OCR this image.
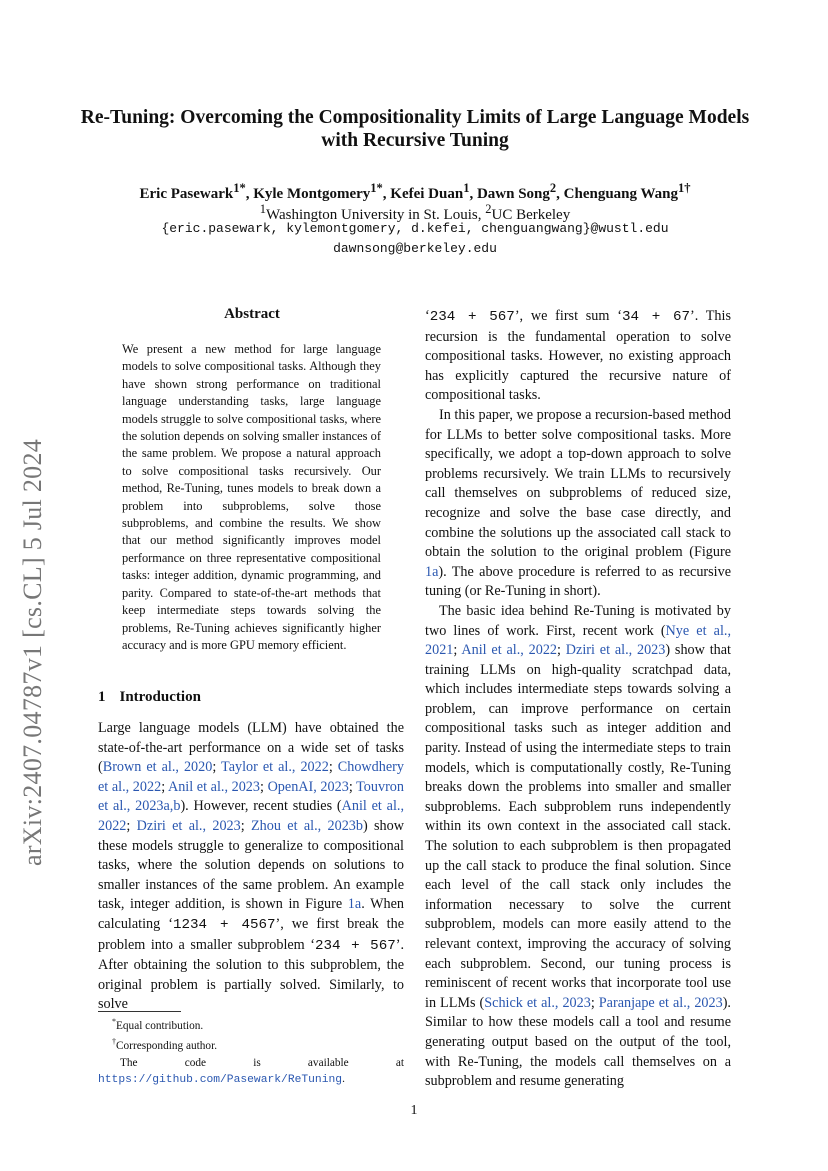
arXiv:2407.04787v1 [cs.CL] 5 Jul 2024
Re-Tuning: Overcoming the Compositionality Limits of Large Language Models with Recursive Tuning
Eric Pasewark$^{1*}$, Kyle Montgomery$^{1*}$, Kefei Duan$^1$, Dawn Song$^2$, Chenguang Wang$^{1\dagger}$
$^1$Washington University in St. Louis, $^2$UC Berkeley
{eric.pasewark, kylemontgomery, d.kefei, chenguangwang}@wustl.edu
dawnsong@berkeley.edu
Abstract
We present a new method for large language models to solve compositional tasks. Although they have shown strong performance on traditional language understanding tasks, large language models struggle to solve compositional tasks, where the solution depends on solving smaller instances of the same problem. We propose a natural approach to solve compositional tasks recursively. Our method, Re-Tuning, tunes models to break down a problem into subproblems, solve those subproblems, and combine the results. We show that our method significantly improves model performance on three representative compositional tasks: integer addition, dynamic programming, and parity. Compared to state-of-the-art methods that keep intermediate steps towards solving the problems, Re-Tuning achieves significantly higher accuracy and is more GPU memory efficient.
1 Introduction

Large language models (LLM) have obtained the state-of-the-art performance on a wide set of tasks (Brown et al., 2020; Taylor et al., 2022; Chowdhery et al., 2022; Anil et al., 2023; OpenAI, 2023; Touvron et al., 2023a,b). However, recent studies (Anil et al., 2022; Dziri et al., 2023; Zhou et al., 2023b) show these models struggle to generalize to compositional tasks, where the solution depends on solutions to smaller instances of the same problem. An example task, integer addition, is shown in Figure 1a. When calculating ‘1234 + 4567’, we first break the problem into a smaller subproblem ‘234 + 567’. After obtaining the solution to this subproblem, the original problem is partially solved. Similarly, to solve

*Equal contribution.

†Corresponding author.

The code is available at https://github.com/Pasewark/ReTuning.

‘234 + 567’, we first sum ‘34 + 67’. This recursion is the fundamental operation to solve compositional tasks. However, no existing approach has explicitly captured the recursive nature of compositional tasks.

In this paper, we propose a recursion-based method for LLMs to better solve compositional tasks. More specifically, we adopt a top-down approach to solve problems recursively. We train LLMs to recursively call themselves on subproblems of reduced size, recognize and solve the base case directly, and combine the solutions up the associated call stack to obtain the solution to the original problem (Figure 1a). The above procedure is referred to as recursive tuning (or Re-Tuning in short).

The basic idea behind Re-Tuning is motivated by two lines of work. First, recent work (Nye et al., 2021; Anil et al., 2022; Dziri et al., 2023) show that training LLMs on high-quality scratchpad data, which includes intermediate steps towards solving a problem, can improve performance on certain compositional tasks such as integer addition and parity. Instead of using the intermediate steps to train models, which is computationally costly, Re-Tuning breaks down the problems into smaller and smaller subproblems. Each subproblem runs independently within its own context in the associated call stack. The solution to each subproblem is then propagated up the call stack to produce the final solution. Since each level of the call stack only includes the information necessary to solve the current subproblem, models can more easily attend to the relevant context, improving the accuracy of solving each subproblem. Second, our tuning process is reminiscent of recent works that incorporate tool use in LLMs (Schick et al., 2023; Paranjape et al., 2023). Similar to how these models call a tool and resume generating output based on the output of the tool, with Re-Tuning, the models call themselves on a subproblem and resume generating

1
